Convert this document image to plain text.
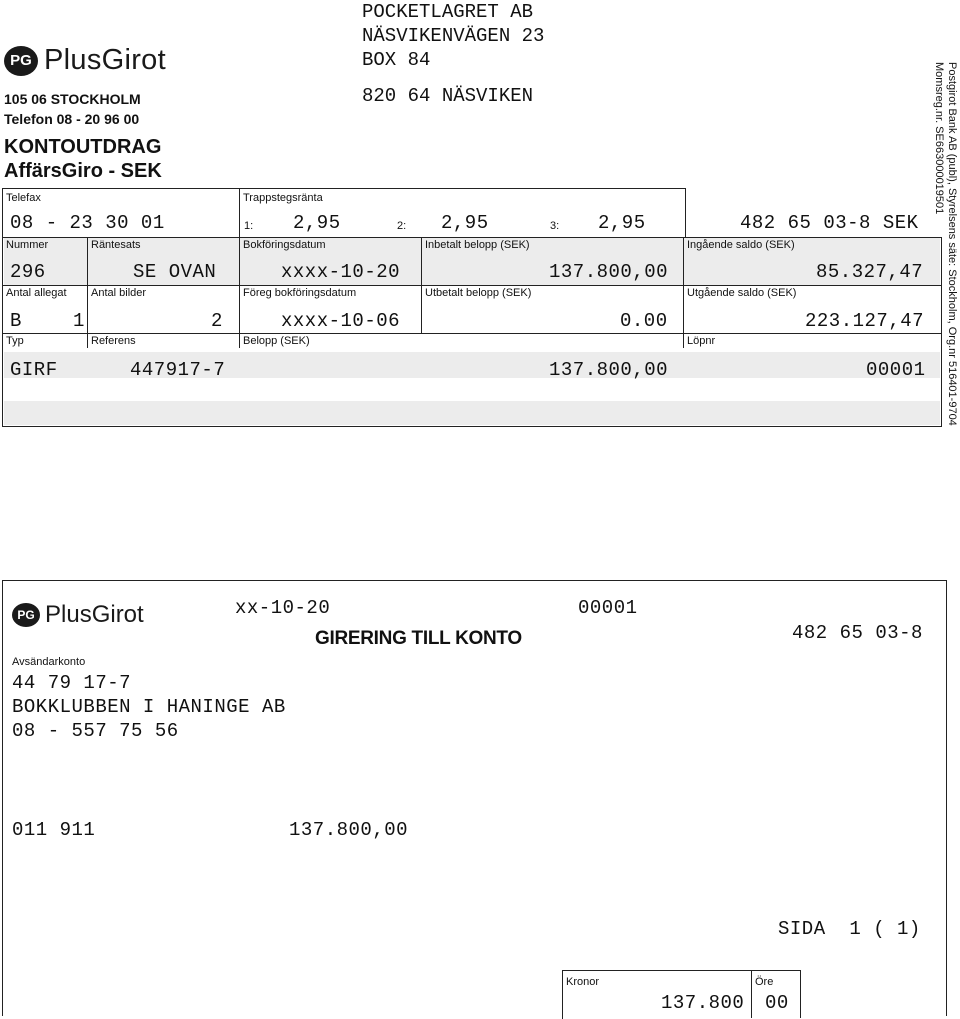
PG PlusGirot
105 06 STOCKHOLM
Telefon 08 - 20 96 00
KONTOUTDRAG
AffärsGiro - SEK
POCKETLAGRET AB
NÄSVIKENVÄGEN 23
BOX 84
820 64 NÄSVIKEN	Postgirot Bank AB (publ), Styrelsens säte: Stockholm, Org.nr 516401-9704
Momsreg.nr. SE663000019501
Telefax
08 - 23 30 01
Trappstegsränta
1: 2,95	2: 2,95	3: 2,95	482 65 03-8 SEK
Nummer
296
Räntesats
SE OVAN
Bokföringsdatum
xxxx-10-20
Inbetalt belopp (SEK)
137.800,00
Ingående saldo (SEK)
85.327,47
Antal allegat
B	1
Antal bilder
2
Föreg bokföringsdatum
xxxx-10-06
Utbetalt belopp (SEK)
0.00
Utgående saldo (SEK)
223.127,47
Typ
GIRF
Referens
447917-7
Belopp (SEK)
137.800,00
Löpnr
00001
PG PlusGirot	xx-10-20	00001
GIRERING TILL KONTO	482 65 03-8
Avsändarkonto
44 79 17-7
BOKKLUBBEN I HANINGE AB
08 - 557 75 56
011 911	137.800,00
SIDA  1 ( 1)
Kronor	Öre
137.800 00
